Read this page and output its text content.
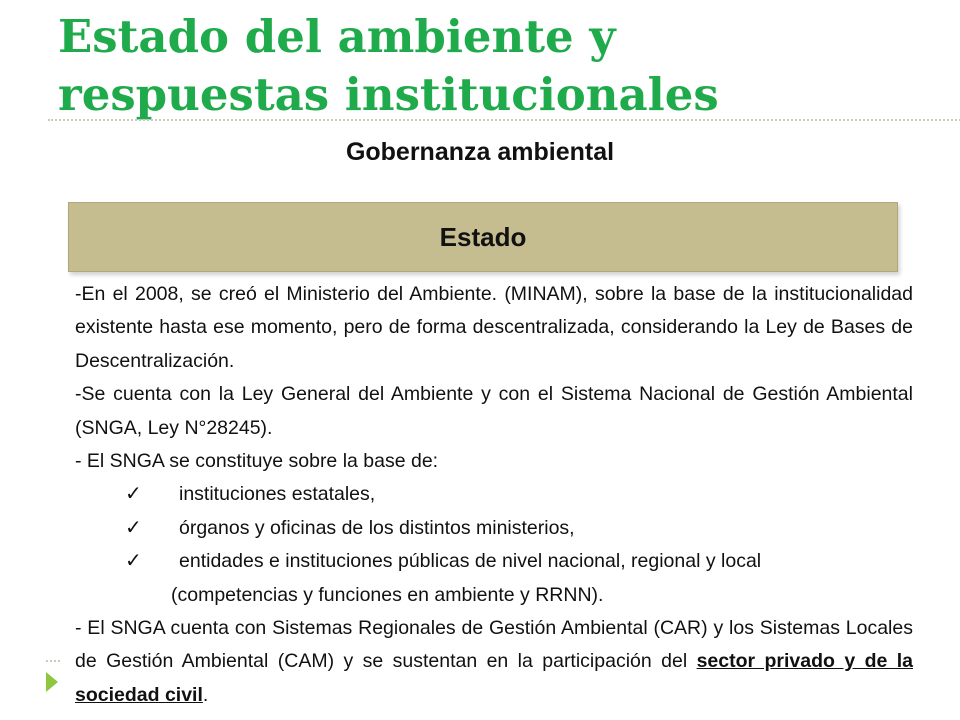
Estado del ambiente y
respuestas institucionales
Gobernanza ambiental
Estado

-En el 2008, se creó el Ministerio del Ambiente. (MINAM), sobre la base de la institucionalidad existente hasta ese momento, pero de forma descentralizada, considerando la Ley de Bases de Descentralización.

-Se cuenta con la Ley General del Ambiente y con el Sistema Nacional de Gestión Ambiental (SNGA, Ley N°28245).

- El SNGA se constituye sobre la base de:

✓ instituciones estatales,
✓ órganos y oficinas de los distintos ministerios,
✓ entidades e instituciones públicas de nivel nacional, regional y local
(competencias y funciones en ambiente y RRNN).

- El SNGA cuenta con Sistemas Regionales de Gestión Ambiental (CAR) y los Sistemas Locales de Gestión Ambiental (CAM) y se sustentan en la participación del sector privado y de la sociedad civil.
